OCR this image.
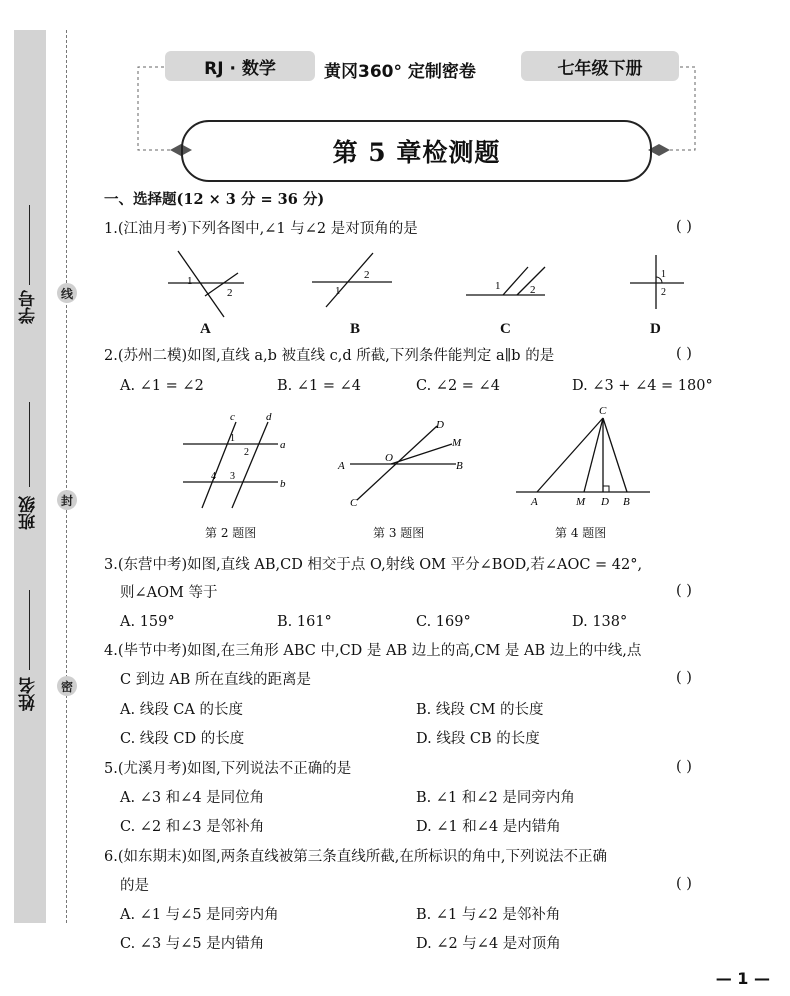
学号
班级
姓名
线
封
密
RJ · 数学	黄冈360° 定制密卷	七年级下册
第 5 章检测题
一、选择题(12 × 3 分 = 36 分)
1.(江油月考)下列各图中,∠1 与∠2 是对顶角的是	( )
1
2
2
1	1	2
1
2
A	B	C	D
2.(苏州二模)如图,直线 a,b 被直线 c,d 所截,下列条件能判定 a∥b 的是	( )
A. ∠1 = ∠2	B. ∠1 = ∠4	C. ∠2 = ∠4	D. ∠3 + ∠4 = 180°
c	d
a
b
1
2
3
4
A	B
C
D
M
O
C
A	M D B
第 2 题图	第 3 题图	第 4 题图
3.(东营中考)如图,直线 AB,CD 相交于点 O,射线 OM 平分∠BOD,若∠AOC = 42°,
则∠AOM 等于	( )
A. 159°	B. 161°	C. 169°	D. 138°
4.(毕节中考)如图,在三角形 ABC 中,CD 是 AB 边上的高,CM 是 AB 边上的中线,点
C 到边 AB 所在直线的距离是	( )
A. 线段 CA 的长度	B. 线段 CM 的长度
C. 线段 CD 的长度	D. 线段 CB 的长度
5.(尤溪月考)如图,下列说法不正确的是	( )
A. ∠3 和∠4 是同位角	B. ∠1 和∠2 是同旁内角
C. ∠2 和∠3 是邻补角	D. ∠1 和∠4 是内错角
6.(如东期末)如图,两条直线被第三条直线所截,在所标识的角中,下列说法不正确
的是	( )
A. ∠1 与∠5 是同旁内角	B. ∠1 与∠2 是邻补角
C. ∠3 与∠5 是内错角	D. ∠2 与∠4 是对顶角
— 1 —
